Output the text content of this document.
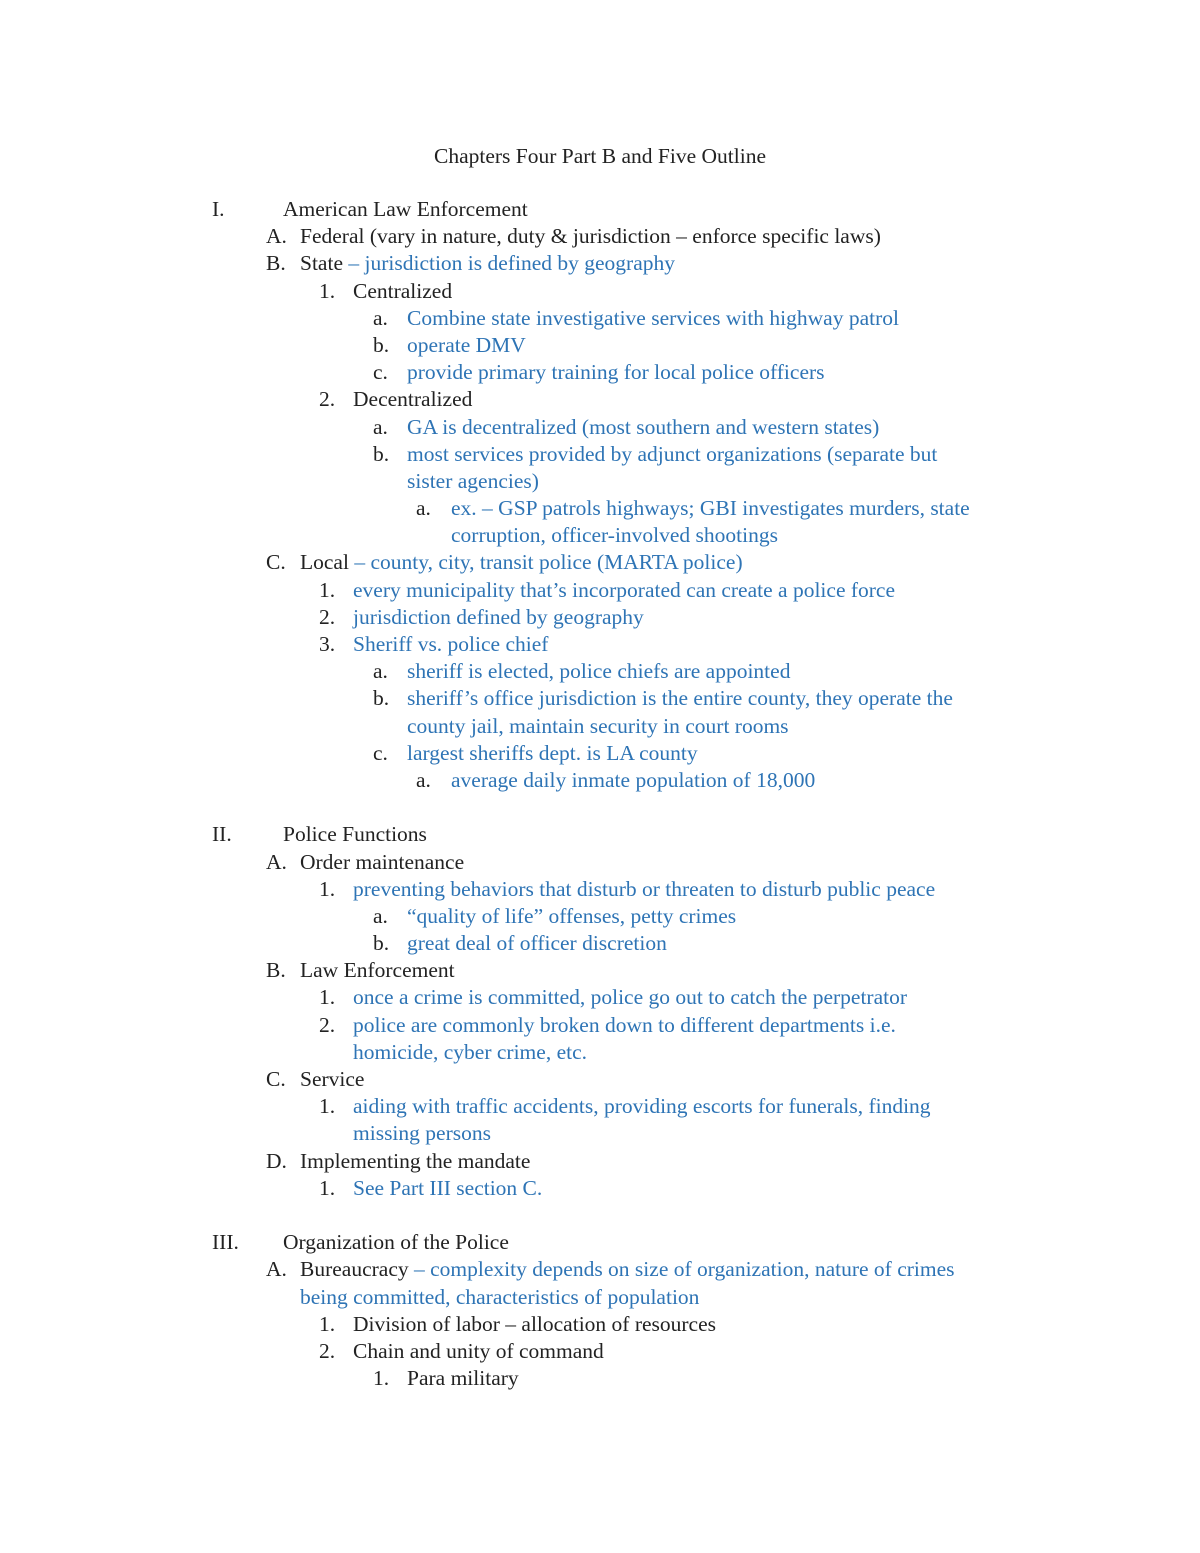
Chapters Four Part B and Five Outline
I.	American Law Enforcement
A. Federal (vary in nature, duty & jurisdiction – enforce specific laws)
B. State – jurisdiction is defined by geography
1. Centralized
a. Combine state investigative services with highway patrol
b. operate DMV
c. provide primary training for local police officers
2. Decentralized
a. GA is decentralized (most southern and western states)
b. most services provided by adjunct organizations (separate but
sister agencies)
a. ex. – GSP patrols highways; GBI investigates murders, state
corruption, officer-involved shootings
C. Local – county, city, transit police (MARTA police)
1. every municipality that’s incorporated can create a police force
2. jurisdiction defined by geography
3. Sheriff vs. police chief
a. sheriff is elected, police chiefs are appointed
b. sheriff’s office jurisdiction is the entire county, they operate the
county jail, maintain security in court rooms
c. largest sheriffs dept. is LA county
a. average daily inmate population of 18,000
II. Police Functions
A. Order maintenance
1. preventing behaviors that disturb or threaten to disturb public peace
a. “quality of life” offenses, petty crimes
b. great deal of officer discretion
B. Law Enforcement
1. once a crime is committed, police go out to catch the perpetrator
2. police are commonly broken down to different departments i.e.
homicide, cyber crime, etc.
C. Service
1. aiding with traffic accidents, providing escorts for funerals, finding
missing persons
D. Implementing the mandate
1. See Part III section C.
III. Organization of the Police
A. Bureaucracy – complexity depends on size of organization, nature of crimes
being committed, characteristics of population
1. Division of labor – allocation of resources
2. Chain and unity of command
1. Para military
